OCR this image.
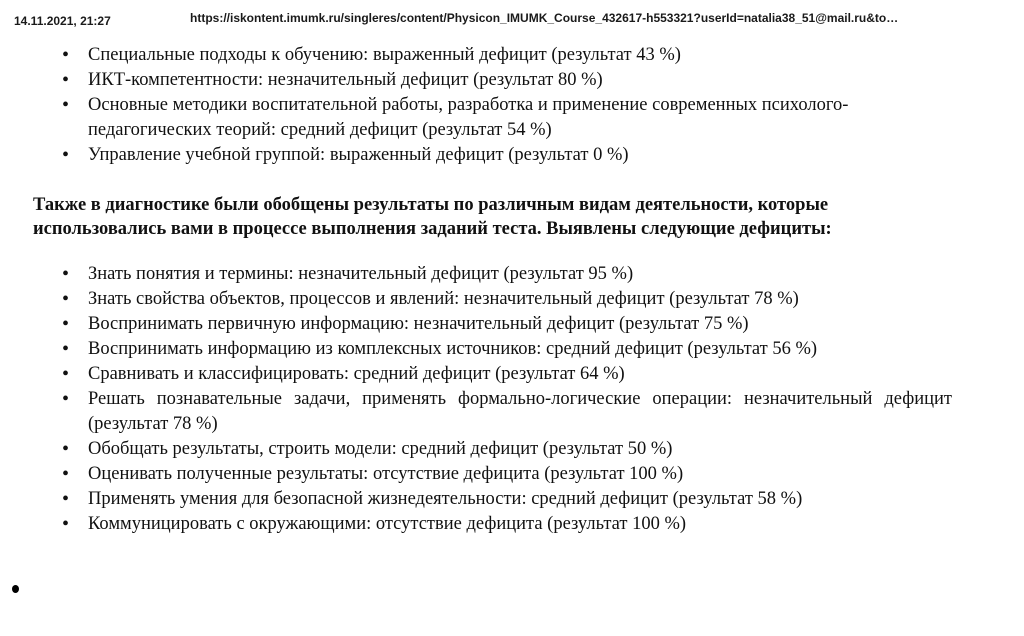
14.11.2021, 21:27	https://iskontent.imumk.ru/singleres/content/Physicon_IMUMK_Course_432617-h553321?userId=natalia38_51@mail.ru&to…
• Специальные подходы к обучению: выраженный дефицит (результат 43 %)
• ИКТ-компетентности: незначительный дефицит (результат 80 %)
• Основные методики воспитательной работы, разработка и применение современных психолого-педагогических теорий: средний дефицит (результат 54 %)
• Управление учебной группой: выраженный дефицит (результат 0 %)
Также в диагностике были обобщены результаты по различным видам деятельности, которые использовались вами в процессе выполнения заданий теста. Выявлены следующие дефициты:
• Знать понятия и термины: незначительный дефицит (результат 95 %)
• Знать свойства объектов, процессов и явлений: незначительный дефицит (результат 78 %)
• Воспринимать первичную информацию: незначительный дефицит (результат 75 %)
• Воспринимать информацию из комплексных источников: средний дефицит (результат 56 %)
• Сравнивать и классифицировать: средний дефицит (результат 64 %)
• Решать познавательные задачи, применять формально-логические операции: незначительный дефицит (результат 78 %)
• Обобщать результаты, строить модели: средний дефицит (результат 50 %)
• Оценивать полученные результаты: отсутствие дефицита (результат 100 %)
• Применять умения для безопасной жизнедеятельности: средний дефицит (результат 58 %)
• Коммуницировать с окружающими: отсутствие дефицита (результат 100 %)
